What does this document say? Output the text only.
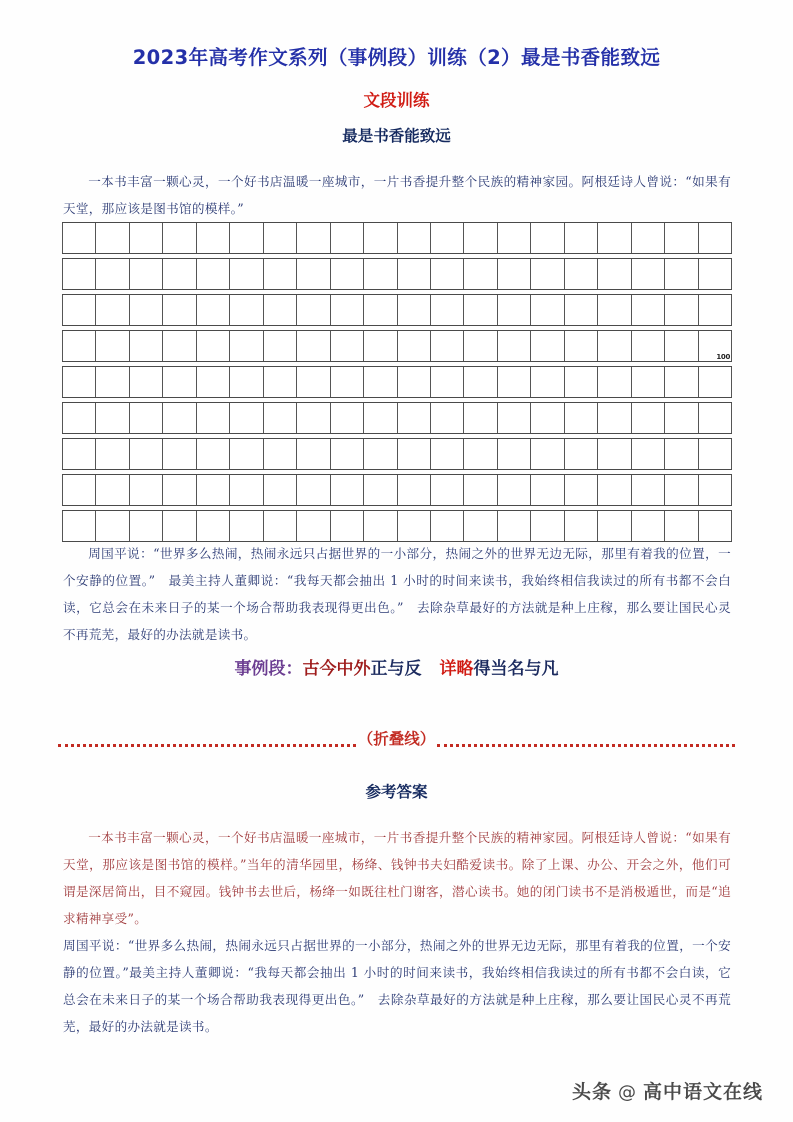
2023年高考作文系列（事例段）训练（2）最是书香能致远
文段训练
最是书香能致远

一本书丰富一颗心灵，一个好书店温暖一座城市，一片书香提升整个民族的精神家园。阿根廷诗人曾说：“如果有天堂，那应该是图书馆的模样。”

100

周国平说：“世界多么热闹，热闹永远只占据世界的一小部分，热闹之外的世界无边无际，那里有着我的位置，一个安静的位置。”　最美主持人董卿说：“我每天都会抽出 1 小时的时间来读书，我始终相信我读过的所有书都不会白读，它总会在未来日子的某一个场合帮助我表现得更出色。”　去除杂草最好的方法就是种上庄稼，那么要让国民心灵不再荒芜，最好的办法就是读书。

事例段：古今中外正与反 详略得当名与凡
（折叠线）
参考答案

一本书丰富一颗心灵，一个好书店温暖一座城市，一片书香提升整个民族的精神家园。阿根廷诗人曾说：“如果有天堂，那应该是图书馆的模样。”当年的清华园里，杨绛、钱钟书夫妇酷爱读书。除了上课、办公、开会之外，他们可谓是深居简出，目不窥园。钱钟书去世后，杨绛一如既往杜门谢客，潜心读书。她的闭门读书不是消极遁世，而是“追求精神享受”。

周国平说：“世界多么热闹，热闹永远只占据世界的一小部分，热闹之外的世界无边无际，那里有着我的位置，一个安静的位置。”最美主持人董卿说：“我每天都会抽出 1 小时的时间来读书，我始终相信我读过的所有书都不会白读，它总会在未来日子的某一个场合帮助我表现得更出色。”　去除杂草最好的方法就是种上庄稼，那么要让国民心灵不再荒芜，最好的办法就是读书。

头条 @ 高中语文在线
